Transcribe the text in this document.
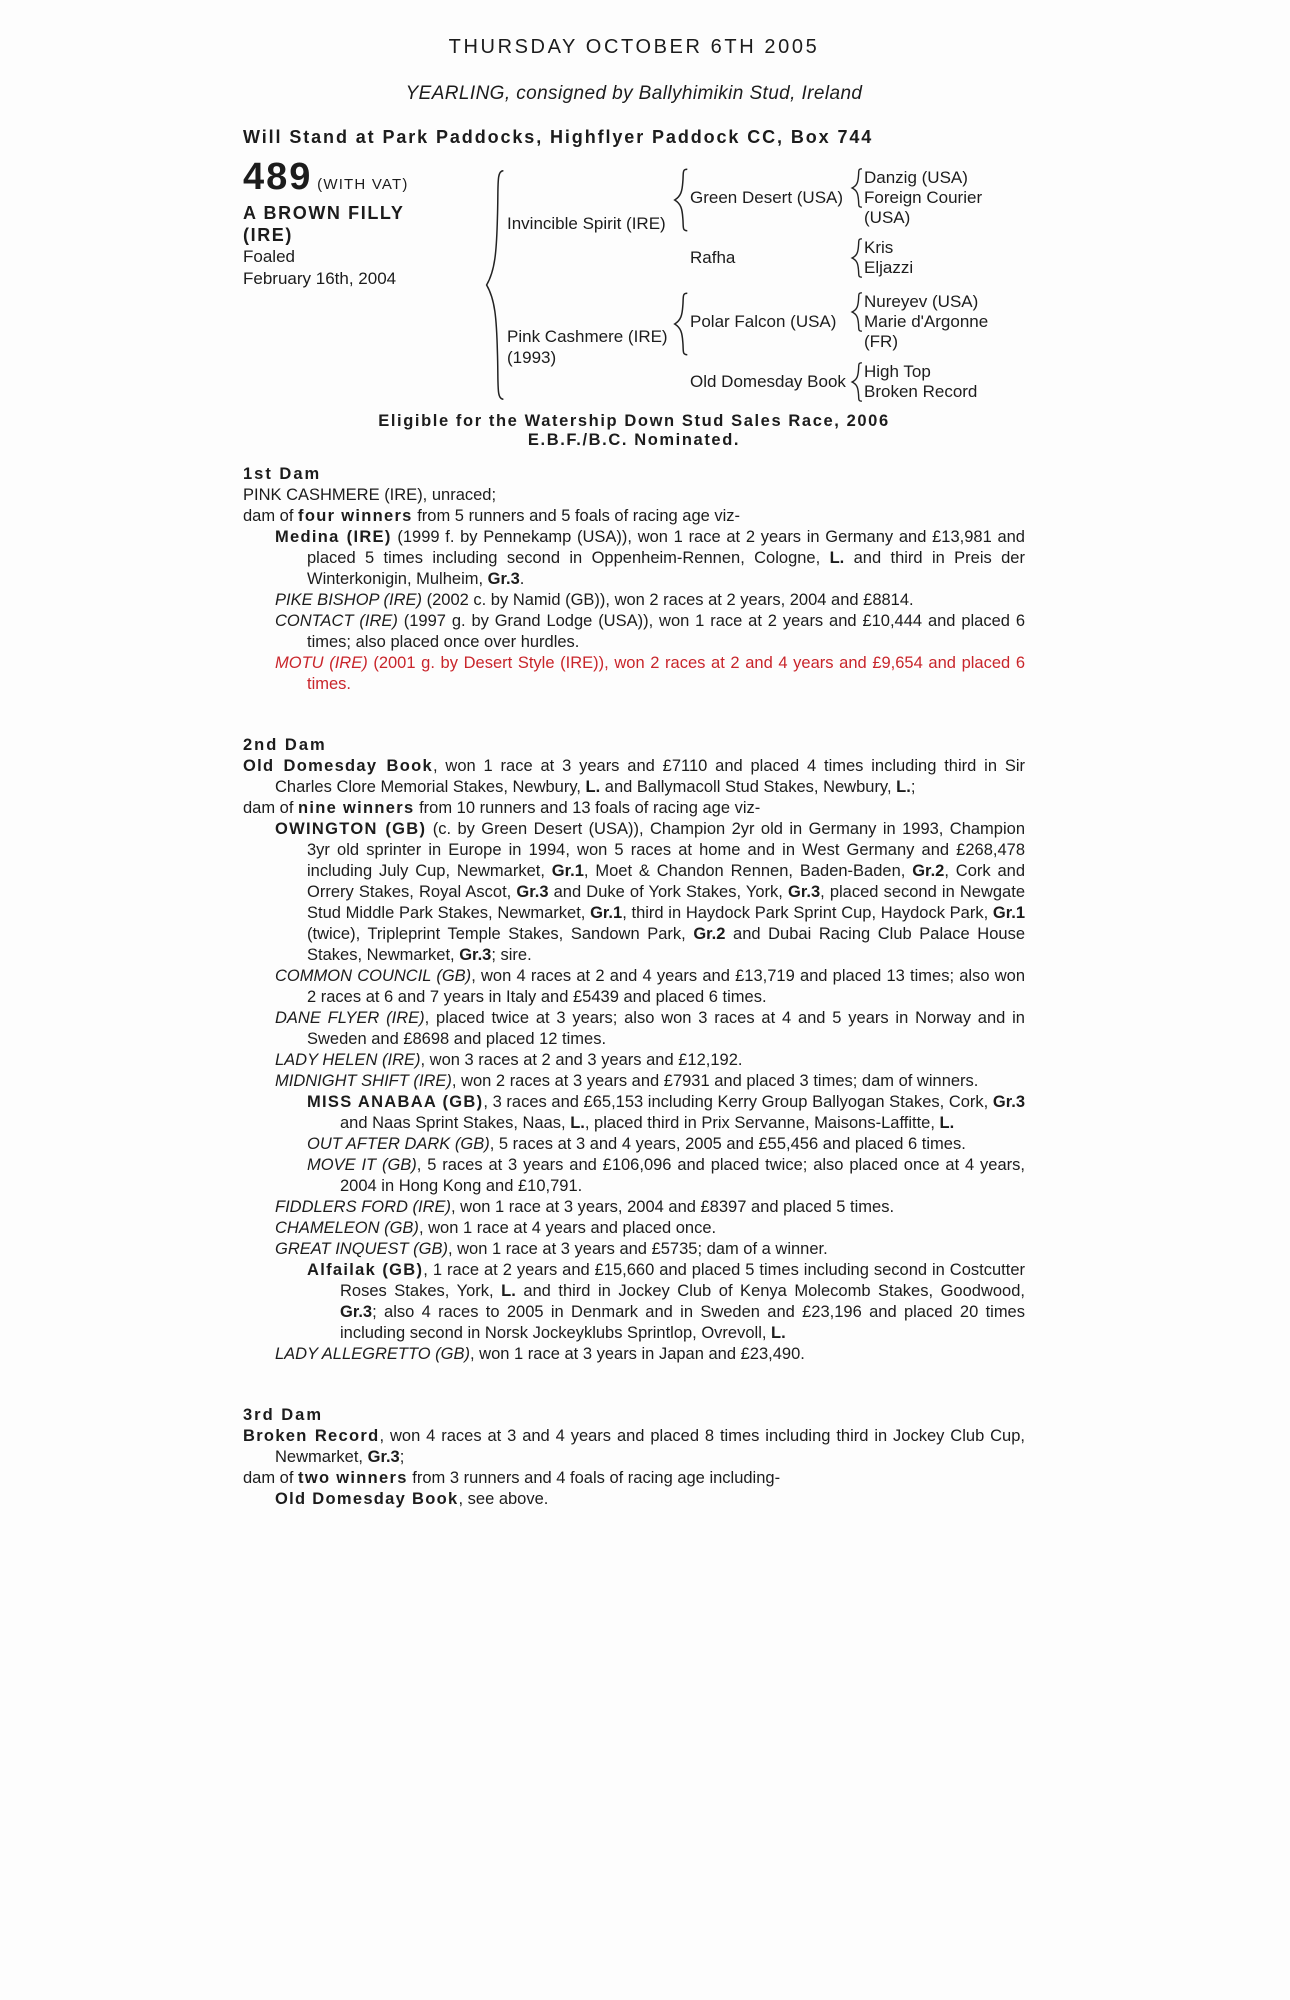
THURSDAY OCTOBER 6TH 2005
YEARLING, consigned by Ballyhimikin Stud, Ireland
Will Stand at Park Paddocks, Highflyer Paddock CC, Box 744
489 (WITH VAT)
A BROWN FILLY
(IRE)
Foaled
February 16th, 2004
Invincible Spirit (IRE)
Green Desert (USA)
Danzig (USA)
Foreign Courier (USA)
Rafha
Kris
Eljazzi
Pink Cashmere (IRE)
(1993)
Polar Falcon (USA)
Nureyev (USA)
Marie d'Argonne (FR)
Old Domesday Book
High Top
Broken Record
Eligible for the Watership Down Stud Sales Race, 2006
E.B.F./B.C. Nominated.
1st Dam
PINK CASHMERE (IRE), unraced;
dam of four winners from 5 runners and 5 foals of racing age viz-
Medina (IRE) (1999 f. by Pennekamp (USA)), won 1 race at 2 years in Germany and £13,981 and placed 5 times including second in Oppenheim-Rennen, Cologne, L. and third in Preis der Winterkonigin, Mulheim, Gr.3.
PIKE BISHOP (IRE) (2002 c. by Namid (GB)), won 2 races at 2 years, 2004 and £8814.
CONTACT (IRE) (1997 g. by Grand Lodge (USA)), won 1 race at 2 years and £10,444 and placed 6 times; also placed once over hurdles.
MOTU (IRE) (2001 g. by Desert Style (IRE)), won 2 races at 2 and 4 years and £9,654 and placed 6 times.
2nd Dam
Old Domesday Book, won 1 race at 3 years and £7110 and placed 4 times including third in Sir Charles Clore Memorial Stakes, Newbury, L. and Ballymacoll Stud Stakes, Newbury, L.;
dam of nine winners from 10 runners and 13 foals of racing age viz-
OWINGTON (GB) (c. by Green Desert (USA)), Champion 2yr old in Germany in 1993, Champion 3yr old sprinter in Europe in 1994, won 5 races at home and in West Germany and £268,478 including July Cup, Newmarket, Gr.1, Moet & Chandon Rennen, Baden-Baden, Gr.2, Cork and Orrery Stakes, Royal Ascot, Gr.3 and Duke of York Stakes, York, Gr.3, placed second in Newgate Stud Middle Park Stakes, Newmarket, Gr.1, third in Haydock Park Sprint Cup, Haydock Park, Gr.1 (twice), Tripleprint Temple Stakes, Sandown Park, Gr.2 and Dubai Racing Club Palace House Stakes, Newmarket, Gr.3; sire.
COMMON COUNCIL (GB), won 4 races at 2 and 4 years and £13,719 and placed 13 times; also won 2 races at 6 and 7 years in Italy and £5439 and placed 6 times.
DANE FLYER (IRE), placed twice at 3 years; also won 3 races at 4 and 5 years in Norway and in Sweden and £8698 and placed 12 times.
LADY HELEN (IRE), won 3 races at 2 and 3 years and £12,192.
MIDNIGHT SHIFT (IRE), won 2 races at 3 years and £7931 and placed 3 times; dam of winners.
MISS ANABAA (GB), 3 races and £65,153 including Kerry Group Ballyogan Stakes, Cork, Gr.3 and Naas Sprint Stakes, Naas, L., placed third in Prix Servanne, Maisons-Laffitte, L.
OUT AFTER DARK (GB), 5 races at 3 and 4 years, 2005 and £55,456 and placed 6 times.
MOVE IT (GB), 5 races at 3 years and £106,096 and placed twice; also placed once at 4 years, 2004 in Hong Kong and £10,791.
FIDDLERS FORD (IRE), won 1 race at 3 years, 2004 and £8397 and placed 5 times.
CHAMELEON (GB), won 1 race at 4 years and placed once.
GREAT INQUEST (GB), won 1 race at 3 years and £5735; dam of a winner.
Alfailak (GB), 1 race at 2 years and £15,660 and placed 5 times including second in Costcutter Roses Stakes, York, L. and third in Jockey Club of Kenya Molecomb Stakes, Goodwood, Gr.3; also 4 races to 2005 in Denmark and in Sweden and £23,196 and placed 20 times including second in Norsk Jockeyklubs Sprintlop, Ovrevoll, L.
LADY ALLEGRETTO (GB), won 1 race at 3 years in Japan and £23,490.
3rd Dam
Broken Record, won 4 races at 3 and 4 years and placed 8 times including third in Jockey Club Cup, Newmarket, Gr.3;
dam of two winners from 3 runners and 4 foals of racing age including-
Old Domesday Book, see above.
